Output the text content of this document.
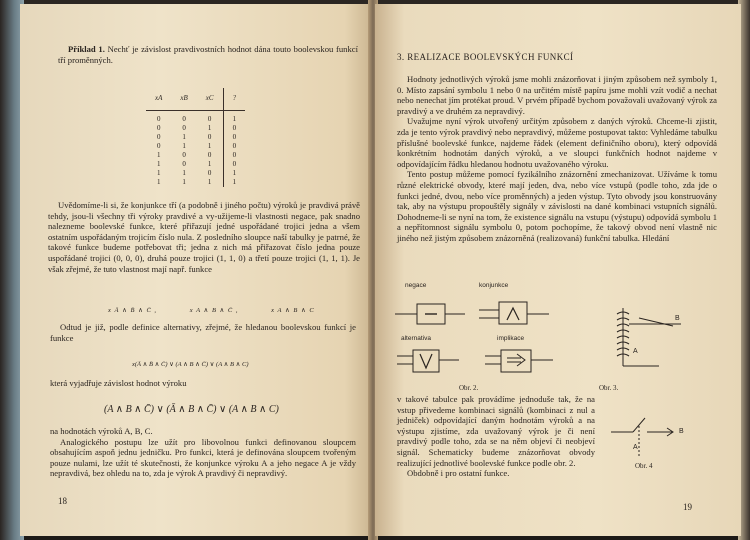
Příklad 1. Nechť je závislost pravdivostních hodnot dána touto boolevskou funkcí tří proměnných.

xA	xB	xC	?
0	0	0	1
0	0	1	0
0	1	0	0
0	1	1	0
1	0	0	0
1	0	1	0
1	1	0	1
1	1	1	1

Uvědomíme-li si, že konjunkce tří (a podobně i jiného počtu) výroků je pravdivá právě tehdy, jsou-li všechny tři výroky pravdivé a vy-užijeme-li vlastnosti negace, pak snadno nalezneme boolevské funkce, které přiřazují jedné uspořádané trojici jedna a všem ostatním uspořádaným trojicím číslo nula. Z posledního sloupce naší tabulky je patrné, že takové funkce budeme potřebovat tři; jedna z nich má přiřazovat číslo jedna pouze uspořádané trojici (0, 0, 0), druhá pouze trojici (1, 1, 0) a třetí pouze trojici (1, 1, 1). Je však zřejmé, že tuto vlastnost mají např. funkce

x Ā ∧ B̄ ∧ C̄ ,	x A ∧ B ∧ C̄ ,	x A ∧ B ∧ C

Odtud je již, podle definice alternativy, zřejmé, že hledanou boolevskou funkcí je funkce

x(Ā ∧ B̄ ∧ C̄) ∨ (A ∧ B ∧ C̄) ∨ (A ∧ B ∧ C)

která vyjadřuje závislost hodnot výroku

(A ∧ B ∧ C̄) ∨ (Ā ∧ B ∧ C̄) ∨ (A ∧ B ∧ C)

na hodnotách výroků A, B, C.

Analogického postupu lze užít pro libovolnou funkci definovanou sloupcem obsahujícím aspoň jednu jedničku. Pro funkci, která je definována sloupcem tvořeným pouze nulami, lze užít té skutečnosti, že konjunkce výroku A a jeho negace A je vždy nepravdivá, bez ohledu na to, zda je výrok A pravdivý či nepravdivý.

18
3. REALIZACE BOOLEVSKÝCH FUNKCÍ

Hodnoty jednotlivých výroků jsme mohli znázorňovat i jiným způsobem než symboly 1, 0. Místo zapsání symbolu 1 nebo 0 na určitém místě papíru jsme mohli vzít vodič a nechat nebo nenechat jím protékat proud. V prvém případě bychom považovali uvažovaný výrok za pravdivý a ve druhém za nepravdivý.

Uvažujme nyní výrok utvořený určitým způsobem z daných výroků. Chceme-li zjistit, zda je tento výrok pravdivý nebo nepravdivý, můžeme postupovat takto: Vyhledáme tabulku příslušné boolevské funkce, najdeme řádek (element definičního oboru), který odpovídá konkrétním hodnotám daných výroků, a ve sloupci funkčních hodnot najdeme v odpovídajícím řádku hledanou hodnotu uvažovaného výroku.

Tento postup můžeme pomocí fyzikálního znázornění zmechanizovat. Užíváme k tomu různé elektrické obvody, které mají jeden, dva, nebo více vstupů (podle toho, zda jde o funkci jedné, dvou, nebo více proměnných) a jeden výstup. Tyto obvody jsou konstruovány tak, aby na výstupu propouštěly signály v závislosti na dané kombinaci vstupních signálů. Dohodneme-li se nyní na tom, že existence signálu na vstupu (výstupu) odpovídá symbolu 1 a nepřítomnost signálu symbolu 0, potom pochopíme, že takový obvod není vlastně nic jiného než jistým způsobem znázorněná (realizovaná) funkční tabulka. Hledání

negace	konjunkce
alternativa	implikace
Obr. 2.
B
A
Obr. 3.
B
A
Obr. 4

v takové tabulce pak provádíme jednoduše tak, že na vstup přivedeme kombinaci signálů (kombinaci z nul a jedniček) odpovídající daným hodnotám výroků a na výstupu zjistíme, zda uvažovaný výrok je či není pravdivý podle toho, zda se na něm objeví či neobjeví signál. Schematicky budeme znázorňovat obvody realizující jednotlivé boolevské funkce podle obr. 2.

Obdobně i pro ostatní funkce.

19
